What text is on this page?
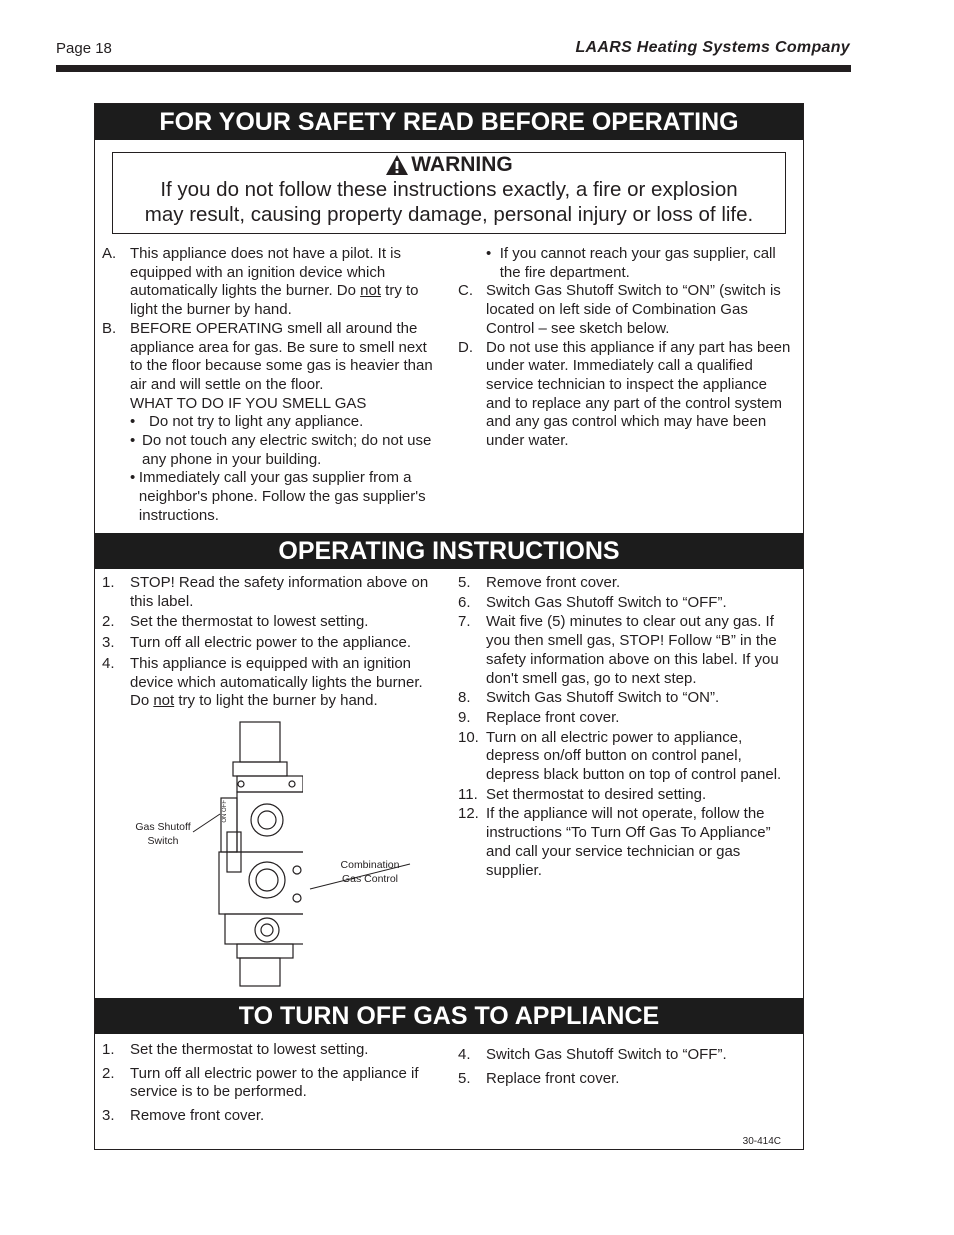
Page 18	LAARS Heating Systems Company
FOR YOUR SAFETY READ BEFORE OPERATING
WARNING
If you do not follow these instructions exactly, a fire or explosion
may result, causing property damage, personal injury or loss of life.
A. This appliance does not have a pilot. It is equipped with an ignition device which automatically lights the burner. Do not try to light the burner by hand.
B. BEFORE OPERATING smell all around the appliance area for gas. Be sure to smell next to the floor because some gas is heavier than air and will settle on the floor.
WHAT TO DO IF YOU SMELL GAS
• Do not try to light any appliance.
• Do not touch any electric switch; do not use any phone in your building.
• Immediately call your gas supplier from a neighbor's phone. Follow the gas supplier's instructions.
• If you cannot reach your gas supplier, call the fire department.
C. Switch Gas Shutoff Switch to “ON” (switch is located on left side of Combination Gas Control – see sketch below.
D. Do not use this appliance if any part has been under water. Immediately call a qualified service technician to inspect the appliance and to replace any part of the control system and any gas control which may have been under water.
OPERATING INSTRUCTIONS
1.	STOP! Read the safety information above on this label.
2.	Set the thermostat to lowest setting.
3.	Turn off all electric power to the appliance.
4.	This appliance is equipped with an ignition device which automatically lights the burner. Do not try to light the burner by hand.
5.	Remove front cover.
6.	Switch Gas Shutoff Switch to “OFF”.
7.	Wait five (5) minutes to clear out any gas. If you then smell gas, STOP! Follow “B” in the safety information above on this label. If you don't smell gas, go to next step.
8.	Switch Gas Shutoff Switch to “ON”.
9.	Replace front cover.
10. Turn on all electric power to appliance, depress on/off button on control panel, depress black button on top of control panel.
11. Set thermostat to desired setting.
12. If the appliance will not operate, follow the instructions “To Turn Off Gas To Appliance” and call your service technician or gas supplier.
ON OFF
Gas Shutoff
Switch
Combination
Gas Control
TO TURN OFF GAS TO APPLIANCE
1.	Set the thermostat to lowest setting.
2.	Turn off all electric power to the appliance if service is to be performed.
3.	Remove front cover.
4.	Switch Gas Shutoff Switch to “OFF”.
5.	Replace front cover.
30-414C
